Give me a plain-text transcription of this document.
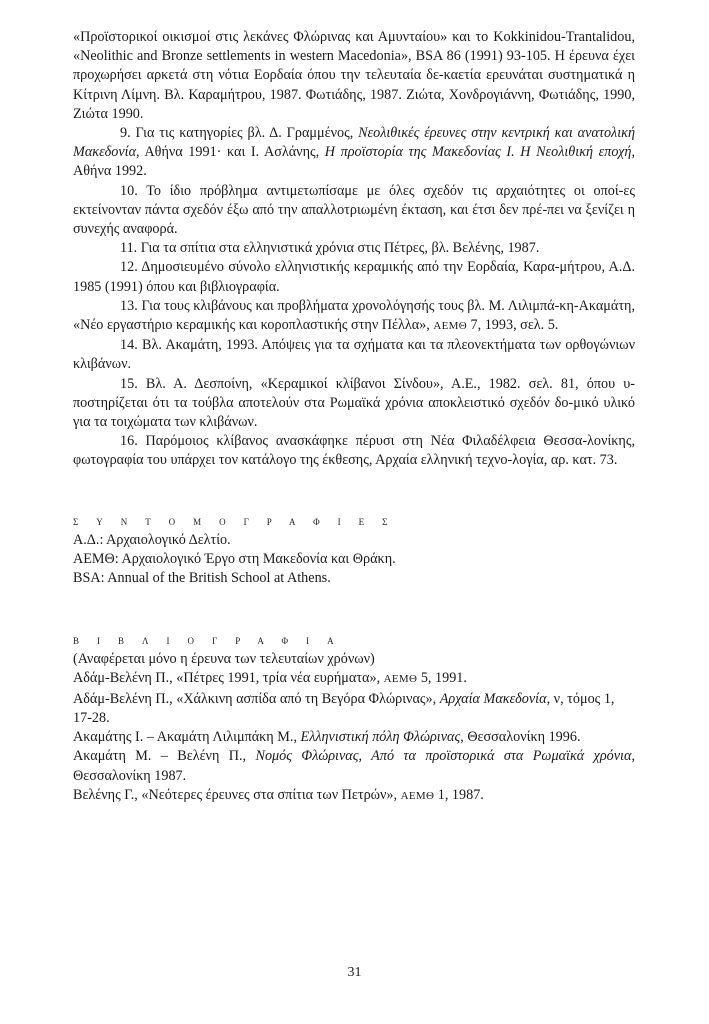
«Προϊστορικοί οικισμοί στις λεκάνες Φλώρινας και Αμυνταίου» και το Kokkinidou-Trantalidou, «Neolithic and Bronze settlements in western Macedonia», BSA 86 (1991) 93-105. Η έρευνα έχει προχωρήσει αρκετά στη νότια Εορδαία όπου την τελευταία δε-καετία ερευνάται συστηματικά η Κίτρινη Λίμνη. Βλ. Καραμήτρου, 1987. Φωτιάδης, 1987. Ζιώτα, Χονδρογιάννη, Φωτιάδης, 1990, Ζιώτα 1990.

9. Για τις κατηγορίες βλ. Δ. Γραμμένος, Νεολιθικές έρευνες στην κεντρική και ανατολική Μακεδονία, Αθήνα 1991· και Ι. Ασλάνης, Η προϊστορία της Μακεδονίας Ι. Η Νεολιθική εποχή, Αθήνα 1992.

10. Το ίδιο πρόβλημα αντιμετωπίσαμε με όλες σχεδόν τις αρχαιότητες οι οποί-ες εκτείνονταν πάντα σχεδόν έξω από την απαλλοτριωμένη έκταση, και έτσι δεν πρέ-πει να ξενίζει η συνεχής αναφορά.

11. Για τα σπίτια στα ελληνιστικά χρόνια στις Πέτρες, βλ. Βελένης, 1987.

12. Δημοσιευμένο σύνολο ελληνιστικής κεραμικής από την Εορδαία, Καρα-μήτρου, Α.Δ. 1985 (1991) όπου και βιβλιογραφία.

13. Για τους κλιβάνους και προβλήματα χρονολόγησής τους βλ. Μ. Λιλιμπά-κη-Ακαμάτη, «Νέο εργαστήριο κεραμικής και κοροπλαστικής στην Πέλλα», ΑΕΜΘ 7, 1993, σελ. 5.

14. Βλ. Ακαμάτη, 1993. Απόψεις για τα σχήματα και τα πλεονεκτήματα των ορθογώνιων κλιβάνων.

15. Βλ. Α. Δεσποίνη, «Κεραμικοί κλίβανοι Σίνδου», Α.Ε., 1982. σελ. 81, όπου υ-ποστηρίζεται ότι τα τούβλα αποτελούν στα Ρωμαϊκά χρόνια αποκλειστικό σχεδόν δο-μικό υλικό για τα τοιχώματα των κλιβάνων.

16. Παρόμοιος κλίβανος ανασκάφηκε πέρυσι στη Νέα Φιλαδέλφεια Θεσσα-λονίκης, φωτογραφία του υπάρχει τον κατάλογο της έκθεσης, Αρχαία ελληνική τεχνο-λογία, αρ. κατ. 73.

ΣΥΝΤΟΜΟΓΡΑΦΙΕΣ

Α.Δ.: Αρχαιολογικό Δελτίο.

ΑΕΜΘ: Αρχαιολογικό Έργο στη Μακεδονία και Θράκη.

BSA: Annual of the British School at Athens.

ΒΙΒΛΙΟΓΡΑΦΙΑ

(Αναφέρεται μόνο η έρευνα των τελευταίων χρόνων)

Αδάμ-Βελένη Π., «Πέτρες 1991, τρία νέα ευρήματα», ΑΕΜΘ 5, 1991.

Αδάμ-Βελένη Π., «Χάλκινη ασπίδα από τη Βεγόρα Φλώρινας», Αρχαία Μακεδονία, ν, τόμος 1, 17-28.

Ακαμάτης Ι. – Ακαμάτη Λιλιμπάκη Μ., Ελληνιστική πόλη Φλώρινας, Θεσσαλονίκη 1996.

Ακαμάτη Μ. – Βελένη Π., Νομός Φλώρινας, Από τα προϊστορικά στα Ρωμαϊκά χρόνια, Θεσσαλονίκη 1987.

Βελένης Γ., «Νεότερες έρευνες στα σπίτια των Πετρών», ΑΕΜΘ 1, 1987.

31
